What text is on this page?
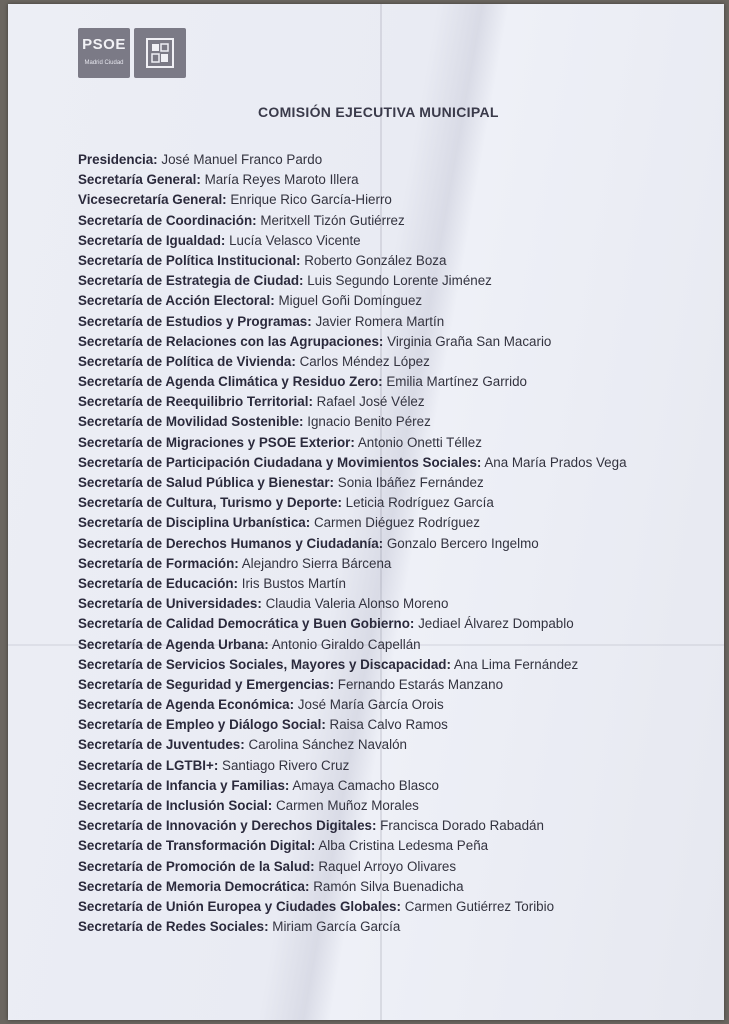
PSOE
Madrid Ciudad
COMISIÓN EJECUTIVA MUNICIPAL
Presidencia: José Manuel Franco Pardo
Secretaría General: María Reyes Maroto Illera
Vicesecretaría General: Enrique Rico García-Hierro
Secretaría de Coordinación: Meritxell Tizón Gutiérrez
Secretaría de Igualdad: Lucía Velasco Vicente
Secretaría de Política Institucional: Roberto González Boza
Secretaría de Estrategia de Ciudad: Luis Segundo Lorente Jiménez
Secretaría de Acción Electoral: Miguel Goñi Domínguez
Secretaría de Estudios y Programas: Javier Romera Martín
Secretaría de Relaciones con las Agrupaciones: Virginia Graña San Macario
Secretaría de Política de Vivienda: Carlos Méndez López
Secretaría de Agenda Climática y Residuo Zero: Emilia Martínez Garrido
Secretaría de Reequilibrio Territorial: Rafael José Vélez
Secretaría de Movilidad Sostenible: Ignacio Benito Pérez
Secretaría de Migraciones y PSOE Exterior: Antonio Onetti Téllez
Secretaría de Participación Ciudadana y Movimientos Sociales: Ana María Prados Vega
Secretaría de Salud Pública y Bienestar: Sonia Ibáñez Fernández
Secretaría de Cultura, Turismo y Deporte: Leticia Rodríguez García
Secretaría de Disciplina Urbanística: Carmen Diéguez Rodríguez
Secretaría de Derechos Humanos y Ciudadanía: Gonzalo Bercero Ingelmo
Secretaría de Formación: Alejandro Sierra Bárcena
Secretaría de Educación: Iris Bustos Martín
Secretaría de Universidades: Claudia Valeria Alonso Moreno
Secretaría de Calidad Democrática y Buen Gobierno: Jediael Álvarez Dompablo
Secretaría de Agenda Urbana: Antonio Giraldo Capellán
Secretaría de Servicios Sociales, Mayores y Discapacidad: Ana Lima Fernández
Secretaría de Seguridad y Emergencias: Fernando Estarás Manzano
Secretaría de Agenda Económica: José María García Orois
Secretaría de Empleo y Diálogo Social: Raisa Calvo Ramos
Secretaría de Juventudes: Carolina Sánchez Navalón
Secretaría de LGTBI+: Santiago Rivero Cruz
Secretaría de Infancia y Familias: Amaya Camacho Blasco
Secretaría de Inclusión Social: Carmen Muñoz Morales
Secretaría de Innovación y Derechos Digitales: Francisca Dorado Rabadán
Secretaría de Transformación Digital: Alba Cristina Ledesma Peña
Secretaría de Promoción de la Salud: Raquel Arroyo Olivares
Secretaría de Memoria Democrática: Ramón Silva Buenadicha
Secretaría de Unión Europea y Ciudades Globales: Carmen Gutiérrez Toribio
Secretaría de Redes Sociales: Miriam García García
